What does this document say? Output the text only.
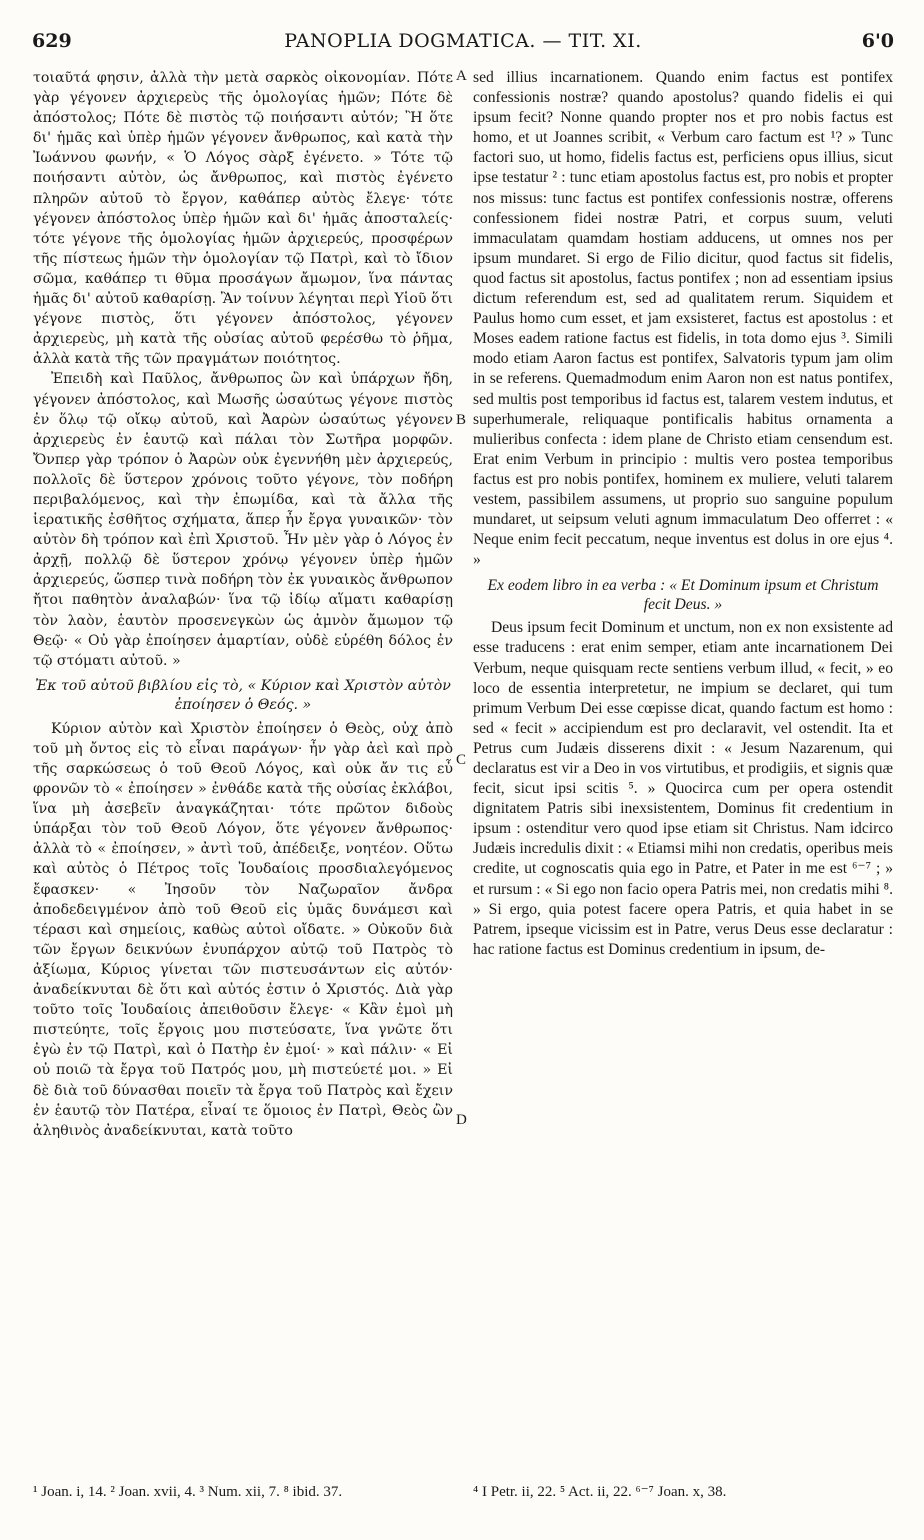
629	PANOPLIA DOGMATICA. — TIT. XI.	6'0

τοιαῦτά φησιν, ἀλλὰ τὴν μετὰ σαρκὸς οἰκονομίαν. Πότε γὰρ γέγονεν ἀρχιερεὺς τῆς ὁμολογίας ἡμῶν; Πότε δὲ ἀπόστολος; Πότε δὲ πιστὸς τῷ ποιήσαντι αὐτόν; Ἢ ὅτε δι' ἡμᾶς καὶ ὑπὲρ ἡμῶν γέγονεν ἄνθρωπος, καὶ κατὰ τὴν Ἰωάννου φωνήν, « Ὁ Λόγος σὰρξ ἐγένετο. » Τότε τῷ ποιήσαντι αὐτὸν, ὡς ἄνθρωπος, καὶ πιστὸς ἐγένετο πληρῶν αὐτοῦ τὸ ἔργον, καθάπερ αὐτὸς ἔλεγε· τότε γέγονεν ἀπόστολος ὑπὲρ ἡμῶν καὶ δι' ἡμᾶς ἀποσταλείς· τότε γέγονε τῆς ὁμολογίας ἡμῶν ἀρχιερεύς, προσφέρων τῆς πίστεως ἡμῶν τὴν ὁμολογίαν τῷ Πατρὶ, καὶ τὸ ἴδιον σῶμα, καθάπερ τι θῦμα προσάγων ἄμωμον, ἵνα πάντας ἡμᾶς δι' αὐτοῦ καθαρίσῃ. Ἂν τοίνυν λέγηται περὶ Υἱοῦ ὅτι γέγονε πιστὸς, ὅτι γέγονεν ἀπόστολος, γέγονεν ἀρχιερεὺς, μὴ κατὰ τῆς οὐσίας αὐτοῦ φερέσθω τὸ ῥῆμα, ἀλλὰ κατὰ τῆς τῶν πραγμάτων ποιότητος.

Ἐπειδὴ καὶ Παῦλος, ἄνθρωπος ὢν καὶ ὑπάρχων ἤδη, γέγονεν ἀπόστολος, καὶ Μωσῆς ὡσαύτως γέγονε πιστὸς ἐν ὅλῳ τῷ οἴκῳ αὐτοῦ, καὶ Ἀαρὼν ὡσαύτως γέγονεν ἀρχιερεὺς ἐν ἑαυτῷ καὶ πάλαι τὸν Σωτῆρα μορφῶν. Ὄνπερ γὰρ τρόπον ὁ Ἀαρὼν οὐκ ἐγεννήθη μὲν ἀρχιερεύς, πολλοῖς δὲ ὕστερον χρόνοις τοῦτο γέγονε, τὸν ποδήρη περιβαλόμενος, καὶ τὴν ἐπωμίδα, καὶ τὰ ἄλλα τῆς ἱερατικῆς ἐσθῆτος σχήματα, ἅπερ ἦν ἔργα γυναικῶν· τὸν αὐτὸν δὴ τρόπον καὶ ἐπὶ Χριστοῦ. Ἦν μὲν γὰρ ὁ Λόγος ἐν ἀρχῇ, πολλῷ δὲ ὕστερον χρόνῳ γέγονεν ὑπὲρ ἡμῶν ἀρχιερεύς, ὥσπερ τινὰ ποδήρη τὸν ἐκ γυναικὸς ἄνθρωπον ἤτοι παθητὸν ἀναλαβών· ἵνα τῷ ἰδίῳ αἵματι καθαρίσῃ τὸν λαὸν, ἑαυτὸν προσενεγκὼν ὡς ἀμνὸν ἄμωμον τῷ Θεῷ· « Οὐ γὰρ ἐποίησεν ἁμαρτίαν, οὐδὲ εὑρέθη δόλος ἐν τῷ στόματι αὐτοῦ. »

Ἐκ τοῦ αὐτοῦ βιβλίου εἰς τὸ, « Κύριον καὶ Χριστὸν αὐτὸν ἐποίησεν ὁ Θεός. »

Κύριον αὐτὸν καὶ Χριστὸν ἐποίησεν ὁ Θεὸς, οὐχ ἀπὸ τοῦ μὴ ὄντος εἰς τὸ εἶναι παράγων· ἦν γὰρ ἀεὶ καὶ πρὸ τῆς σαρκώσεως ὁ τοῦ Θεοῦ Λόγος, καὶ οὐκ ἄν τις εὖ φρονῶν τὸ « ἐποίησεν » ἐνθάδε κατὰ τῆς οὐσίας ἐκλάβοι, ἵνα μὴ ἀσεβεῖν ἀναγκάζηται· τότε πρῶτον διδοὺς ὑπάρξαι τὸν τοῦ Θεοῦ Λόγον, ὅτε γέγονεν ἄνθρωπος· ἀλλὰ τὸ « ἐποίησεν, » ἀντὶ τοῦ, ἀπέδειξε, νοητέον. Οὕτω καὶ αὐτὸς ὁ Πέτρος τοῖς Ἰουδαίοις προσδιαλεγόμενος ἔφασκεν· « Ἰησοῦν τὸν Ναζωραῖον ἄνδρα ἀποδεδειγμένον ἀπὸ τοῦ Θεοῦ εἰς ὑμᾶς δυνάμεσι καὶ τέρασι καὶ σημείοις, καθὼς αὐτοὶ οἴδατε. » Οὐκοῦν διὰ τῶν ἔργων δεικνύων ἐνυπάρχον αὐτῷ τοῦ Πατρὸς τὸ ἀξίωμα, Κύριος γίνεται τῶν πιστευσάντων εἰς αὐτόν· ἀναδείκνυται δὲ ὅτι καὶ αὐτός ἐστιν ὁ Χριστός. Διὰ γὰρ τοῦτο τοῖς Ἰουδαίοις ἀπειθοῦσιν ἔλεγε· « Κἂν ἐμοὶ μὴ πιστεύητε, τοῖς ἔργοις μου πιστεύσατε, ἵνα γνῶτε ὅτι ἐγὼ ἐν τῷ Πατρὶ, καὶ ὁ Πατὴρ ἐν ἐμοί· » καὶ πάλιν· « Εἰ οὐ ποιῶ τὰ ἔργα τοῦ Πατρός μου, μὴ πιστεύετέ μοι. » Εἰ δὲ διὰ τοῦ δύνασθαι ποιεῖν τὰ ἔργα τοῦ Πατρὸς καὶ ἔχειν ἐν ἑαυτῷ τὸν Πατέρα, εἶναί τε ὅμοιος ἐν Πατρὶ, Θεὸς ὢν ἀληθινὸς ἀναδείκνυται, κατὰ τοῦτο

A
B
C
D

sed illius incarnationem. Quando enim factus est pontifex confessionis nostræ? quando apostolus? quando fidelis ei qui ipsum fecit? Nonne quando propter nos et pro nobis factus est homo, et ut Joannes scribit, « Verbum caro factum est ¹? » Tunc factori suo, ut homo, fidelis factus est, perficiens opus illius, sicut ipse testatur ² : tunc etiam apostolus factus est, pro nobis et propter nos missus: tunc factus est pontifex confessionis nostræ, offerens confessionem fidei nostræ Patri, et corpus suum, veluti immaculatam quamdam hostiam adducens, ut omnes nos per ipsum mundaret. Si ergo de Filio dicitur, quod factus sit fidelis, quod factus sit apostolus, factus pontifex ; non ad essentiam ipsius dictum referendum est, sed ad qualitatem rerum. Siquidem et Paulus homo cum esset, et jam exsisteret, factus est apostolus : et Moses eadem ratione factus est fidelis, in tota domo ejus ³. Simili modo etiam Aaron factus est pontifex, Salvatoris typum jam olim in se referens. Quemadmodum enim Aaron non est natus pontifex, sed multis post temporibus id factus est, talarem vestem indutus, et superhumerale, reliquaque pontificalis habitus ornamenta a mulieribus confecta : idem plane de Christo etiam censendum est. Erat enim Verbum in principio : multis vero postea temporibus factus est pro nobis pontifex, hominem ex muliere, veluti talarem vestem, passibilem assumens, ut proprio suo sanguine populum mundaret, ut seipsum veluti agnum immaculatum Deo offerret : « Neque enim fecit peccatum, neque inventus est dolus in ore ejus ⁴. »

Ex eodem libro in ea verba : « Et Dominum ipsum et Christum fecit Deus. »

Deus ipsum fecit Dominum et unctum, non ex non exsistente ad esse traducens : erat enim semper, etiam ante incarnationem Dei Verbum, neque quisquam recte sentiens verbum illud, « fecit, » eo loco de essentia interpretetur, ne impium se declaret, qui tum primum Verbum Dei esse cœpisse dicat, quando factum est homo : sed « fecit » accipiendum est pro declaravit, vel ostendit. Ita et Petrus cum Judæis disserens dixit : « Jesum Nazarenum, qui declaratus est vir a Deo in vos virtutibus, et prodigiis, et signis quæ fecit, sicut ipsi scitis ⁵. » Quocirca cum per opera ostendit dignitatem Patris sibi inexsistentem, Dominus fit credentium in ipsum : ostenditur vero quod ipse etiam sit Christus. Nam idcirco Judæis incredulis dixit : « Etiamsi mihi non credatis, operibus meis credite, ut cognoscatis quia ego in Patre, et Pater in me est ⁶⁻⁷ ; » et rursum : « Si ego non facio opera Patris mei, non credatis mihi ⁸. » Si ergo, quia potest facere opera Patris, et quia habet in se Patrem, ipseque vicissim est in Patre, verus Deus esse declaratur : hac ratione factus est Dominus credentium in ipsum, de-

¹ Joan. i, 14. ² Joan. xvii, 4. ³ Num. xii, 7. ⁸ ibid. 37.	⁴ I Petr. ii, 22. ⁵ Act. ii, 22. ⁶⁻⁷ Joan. x, 38.
